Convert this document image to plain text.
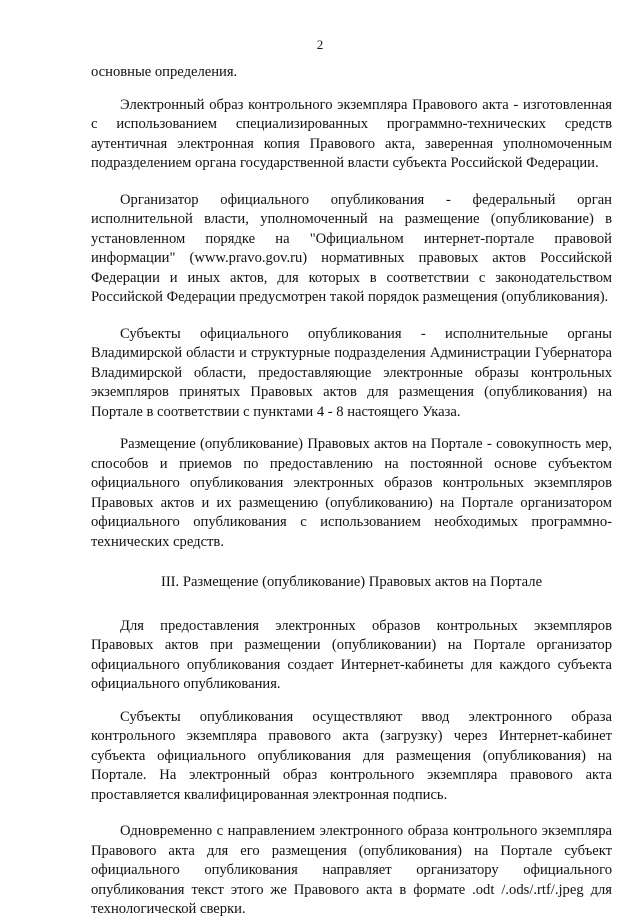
2

основные определения.

Электронный образ контрольного экземпляра Правового акта - изготовленная с использованием специализированных программно-технических средств аутентичная электронная копия Правового акта, заверенная уполномоченным подразделением органа государственной власти субъекта Российской Федерации.

Организатор официального опубликования - федеральный орган исполнительной власти, уполномоченный на размещение (опубликование) в установленном порядке на "Официальном интернет-портале правовой информации" (www.pravo.gov.ru) нормативных правовых актов Российской Федерации и иных актов, для которых в соответствии с законодательством Российской Федерации предусмотрен такой порядок размещения (опубликования).

Субъекты официального опубликования - исполнительные органы Владимирской области и структурные подразделения Администрации Губернатора Владимирской области, предоставляющие электронные образы контрольных экземпляров принятых Правовых актов для размещения (опубликования) на Портале в соответствии с пунктами 4 - 8 настоящего Указа.

Размещение (опубликование) Правовых актов на Портале - совокупность мер, способов и приемов по предоставлению на постоянной основе субъектом официального опубликования электронных образов контрольных экземпляров Правовых актов и их размещению (опубликованию) на Портале организатором официального опубликования с использованием необходимых программно-технических средств.

III. Размещение (опубликование) Правовых актов на Портале

Для предоставления электронных образов контрольных экземпляров Правовых актов при размещении (опубликовании) на Портале организатор официального опубликования создает Интернет-кабинеты для каждого субъекта официального опубликования.

Субъекты опубликования осуществляют ввод электронного образа контрольного экземпляра правового акта (загрузку) через Интернет-кабинет субъекта официального опубликования для размещения (опубликования) на Портале. На электронный образ контрольного экземпляра правового акта проставляется квалифицированная электронная подпись.

Одновременно с направлением электронного образа контрольного экземпляра Правового акта для его размещения (опубликования) на Портале субъект официального опубликования направляет организатору официального опубликования текст этого же Правового акта в формате .odt /.ods/.rtf/.jpeg для технологической сверки.
